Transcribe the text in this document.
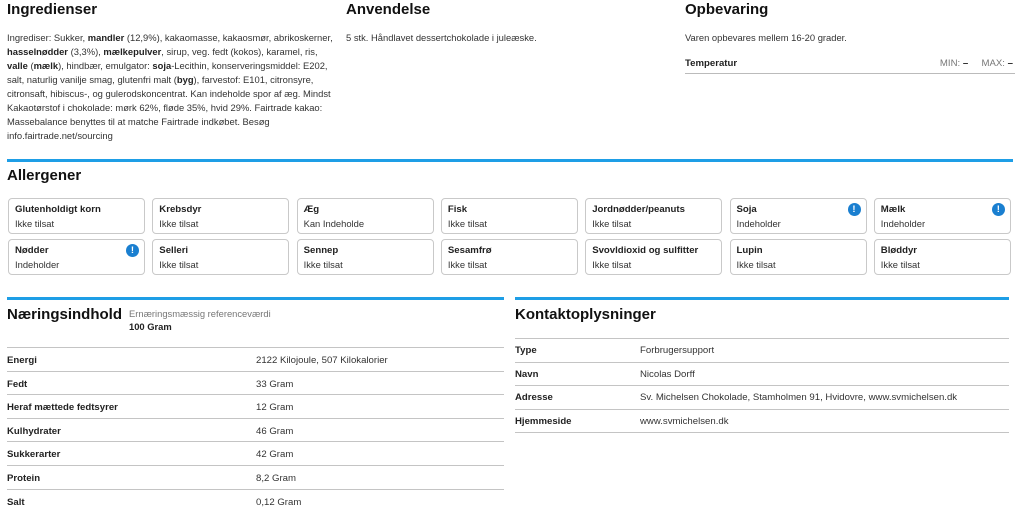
Ingredienser
Ingrediser: Sukker, mandler (12,9%), kakaomasse, kakaosmør, abrikoskerner, hasselnødder (3,3%), mælkepulver, sirup, veg. fedt (kokos), karamel, ris, valle (mælk), hindbær, emulgator: soja-Lecithin, konserveringsmiddel: E202, salt, naturlig vanilje smag, glutenfri malt (byg), farvestof: E101, citronsyre, citronsaft, hibiscus-, og gulerodskoncentrat. Kan indeholde spor af æg. Mindst Kakaotørstof i chokolade: mørk 62%, fløde 35%, hvid 29%. Fairtrade kakao: Massebalance benyttes til at matche Fairtrade indkøbet. Besøg info.fairtrade.net/sourcing
Anvendelse
5 stk. Håndlavet dessertchokolade i juleæske.
Opbevaring
Varen opbevares mellem 16-20 grader.
Temperatur	MIN: – MAX: –
Allergener
Glutenholdigt korn
Ikke tilsat
Krebsdyr
Ikke tilsat
Æg
Kan Indeholde
Fisk
Ikke tilsat
Jordnødder/peanuts
Ikke tilsat
Soja
Indeholder
!	Mælk
Indeholder
!
Nødder
Indeholder
!	Selleri
Ikke tilsat
Sennep
Ikke tilsat
Sesamfrø
Ikke tilsat
Svovldioxid og sulfitter
Ikke tilsat
Lupin
Ikke tilsat
Bløddyr
Ikke tilsat
Næringsindhold Ernæringsmæssig referenceværdi
100 Gram
Energi	2122 Kilojoule, 507 Kilokalorier
Fedt	33 Gram
Heraf mættede fedtsyrer	12 Gram
Kulhydrater	46 Gram
Sukkerarter	42 Gram
Protein	8,2 Gram
Salt	0,12 Gram
Kontaktoplysninger
Type	Forbrugersupport
Navn	Nicolas Dorff
Adresse	Sv. Michelsen Chokolade, Stamholmen 91, Hvidovre, www.svmichelsen.dk
Hjemmeside	www.svmichelsen.dk
